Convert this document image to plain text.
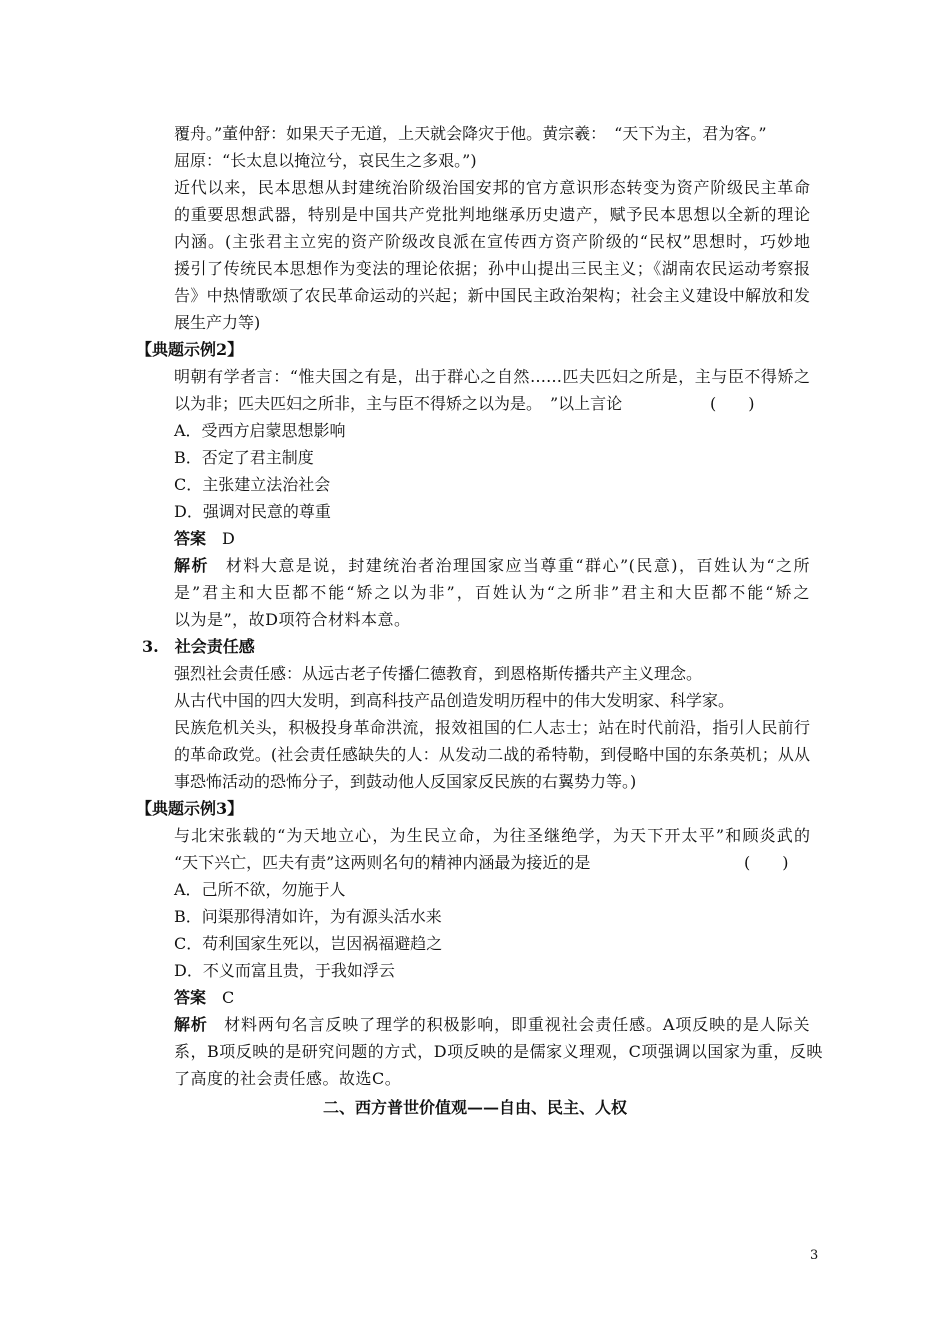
覆舟。”董仲舒：如果天子无道，上天就会降灾于他。黄宗羲：　“天下为主，君为客。”
屈原：“长太息以掩泣兮，哀民生之多艰。”)
近代以来，民本思想从封建统治阶级治国安邦的官方意识形态转变为资产阶级民主革命
的重要思想武器，特别是中国共产党批判地继承历史遗产，赋予民本思想以全新的理论
内涵。(主张君主立宪的资产阶级改良派在宣传西方资产阶级的“民权”思想时，巧妙地
援引了传统民本思想作为变法的理论依据；孙中山提出三民主义；《湖南农民运动考察报
告》中热情歌颂了农民革命运动的兴起；新中国民主政治架构；社会主义建设中解放和发
展生产力等)
【典题示例2】
明朝有学者言：“惟夫国之有是，出于群心之自然……匹夫匹妇之所是，主与臣不得矫之
以为非；匹夫匹妇之所非，主与臣不得矫之以为是。　”以上言论	(　　)
A．受西方启蒙思想影响
B．否定了君主制度
C．主张建立法治社会
D．强调对民意的尊重
答案 D
解析 材料大意是说，封建统治者治理国家应当尊重“群心”(民意)，百姓认为“之所
是”君主和大臣都不能“矫之以为非”，百姓认为“之所非”君主和大臣都不能“矫之
以为是”，故D项符合材料本意。
3.　社会责任感
强烈社会责任感：从远古老子传播仁德教育，到恩格斯传播共产主义理念。
从古代中国的四大发明，到高科技产品创造发明历程中的伟大发明家、科学家。
民族危机关头，积极投身革命洪流，报效祖国的仁人志士；站在时代前沿，指引人民前行
的革命政党。(社会责任感缺失的人：从发动二战的希特勒，到侵略中国的东条英机；从从
事恐怖活动的恐怖分子，到鼓动他人反国家反民族的右翼势力等。)
【典题示例3】
与北宋张载的“为天地立心，为生民立命，为往圣继绝学，为天下开太平”和顾炎武的
“天下兴亡，匹夫有责”这两则名句的精神内涵最为接近的是	(　　)
A．己所不欲，勿施于人
B．问渠那得清如许，为有源头活水来
C．苟利国家生死以，岂因祸福避趋之
D．不义而富且贵，于我如浮云
答案 C
解析 材料两句名言反映了理学的积极影响，即重视社会责任感。A项反映的是人际关
系，B项反映的是研究问题的方式，D项反映的是儒家义理观，C项强调以国家为重，反映
了高度的社会责任感。故选C。
二、西方普世价值观——自由、民主、人权
3
